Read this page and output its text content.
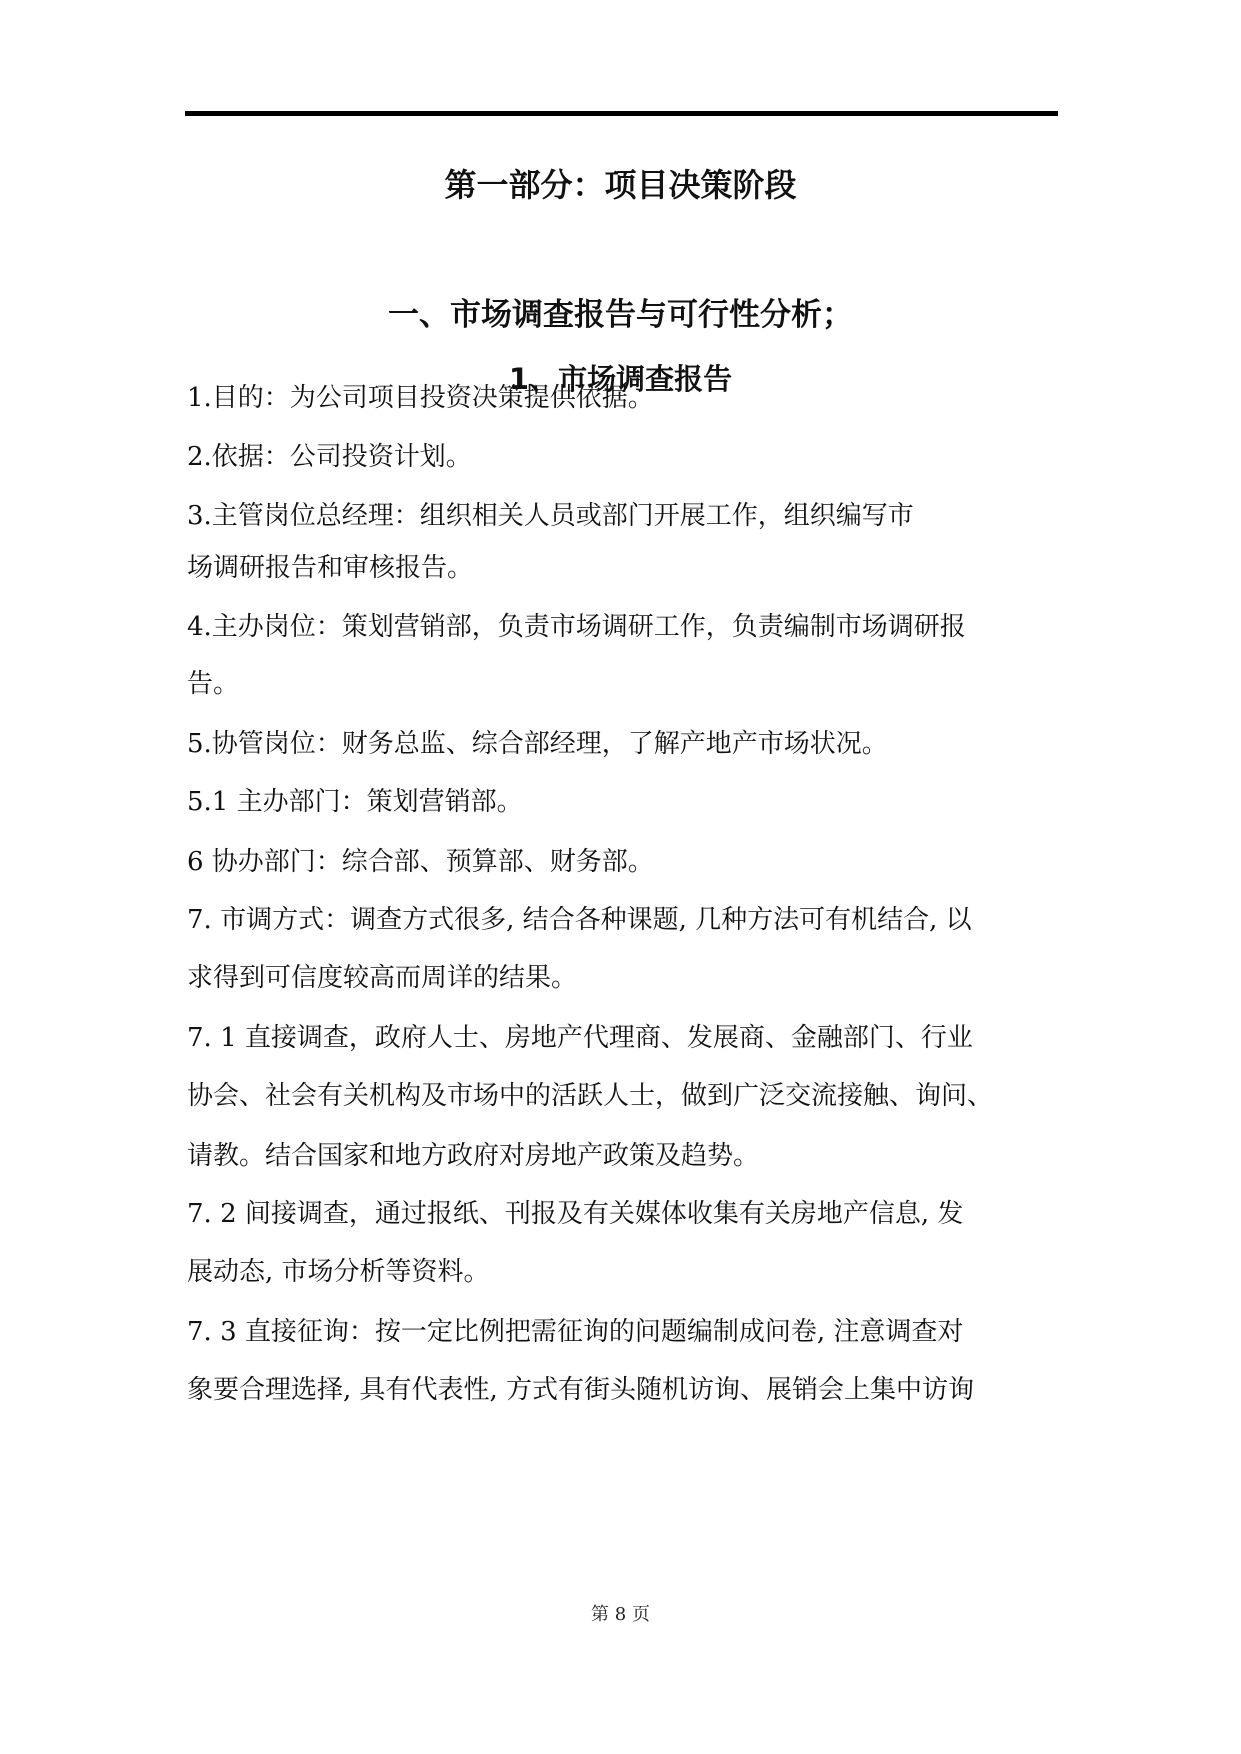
第一部分：项目决策阶段
一、市场调查报告与可行性分析；
1、市场调查报告
1.目的：为公司项目投资决策提供依据。
2.依据：公司投资计划。
3.主管岗位总经理：组织相关人员或部门开展工作，组织编写市
场调研报告和审核报告。
4.主办岗位：策划营销部，负责市场调研工作，负责编制市场调研报
告。
5.协管岗位：财务总监、综合部经理，了解产地产市场状况。
5.1 主办部门：策划营销部。
6 协办部门：综合部、预算部、财务部。
7. 市调方式：调查方式很多, 结合各种课题, 几种方法可有机结合, 以
求得到可信度较高而周详的结果。
7. 1 直接调查，政府人士、房地产代理商、发展商、金融部门、行业
协会、社会有关机构及市场中的活跃人士，做到广泛交流接触、询问、
请教。结合国家和地方政府对房地产政策及趋势。
7. 2 间接调查，通过报纸、刊报及有关媒体收集有关房地产信息, 发
展动态, 市场分析等资料。
7. 3 直接征询：按一定比例把需征询的问题编制成问卷, 注意调查对
象要合理选择, 具有代表性, 方式有街头随机访询、展销会上集中访询
第 8 页
